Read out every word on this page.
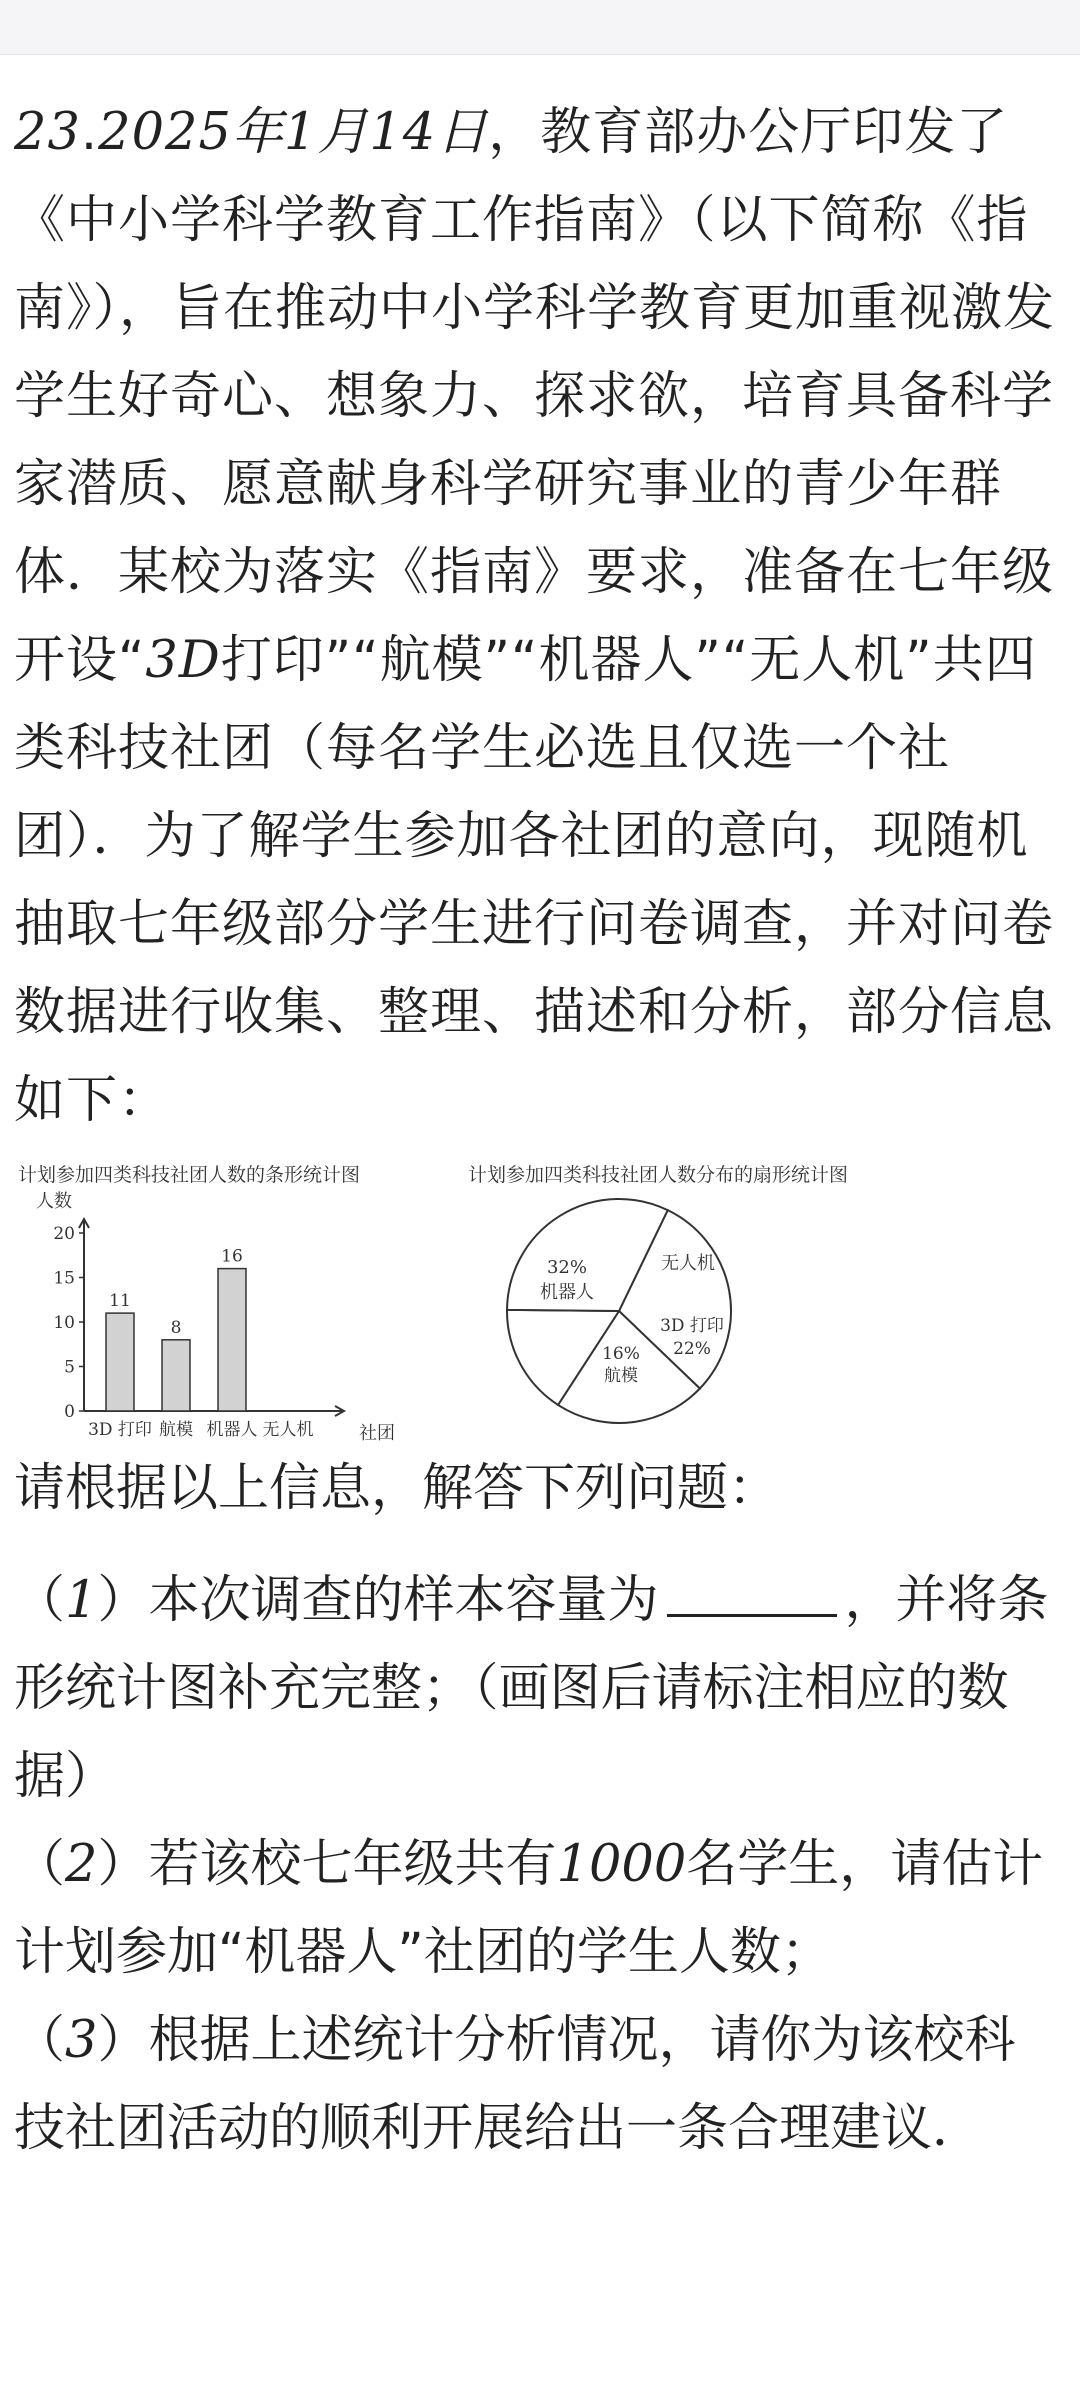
23.2025年1月14日，教育部办公厅印发了《中小学科学教育工作指南》（以下简称《指南》），旨在推动中小学科学教育更加重视激发学生好奇心、想象力、探求欲，培育具备科学家潜质、愿意献身科学研究事业的青少年群体．某校为落实《指南》要求，准备在七年级开设“3D打印”“航模”“机器人”“无人机”共四类科技社团（每名学生必选且仅选一个社团）．为了解学生参加各社团的意向，现随机抽取七年级部分学生进行问卷调查，并对问卷数据进行收集、整理、描述和分析，部分信息如下：

计划参加四类科技社团人数的条形统计图
人数
社团
0
5
10
15
20
3D 打印
11
航模
8
机器人
16
无人机
计划参加四类科技社团人数分布的扇形统计图
32%
机器人
无人机
3D 打印
22%
16%
航模

请根据以上信息，解答下列问题：

（1）本次调查的样本容量为	，并将条形统计图补充完整；（画图后请标注相应的数据）

（2）若该校七年级共有1000名学生，请估计计划参加“机器人”社团的学生人数；

（3）根据上述统计分析情况，请你为该校科技社团活动的顺利开展给出一条合理建议．
